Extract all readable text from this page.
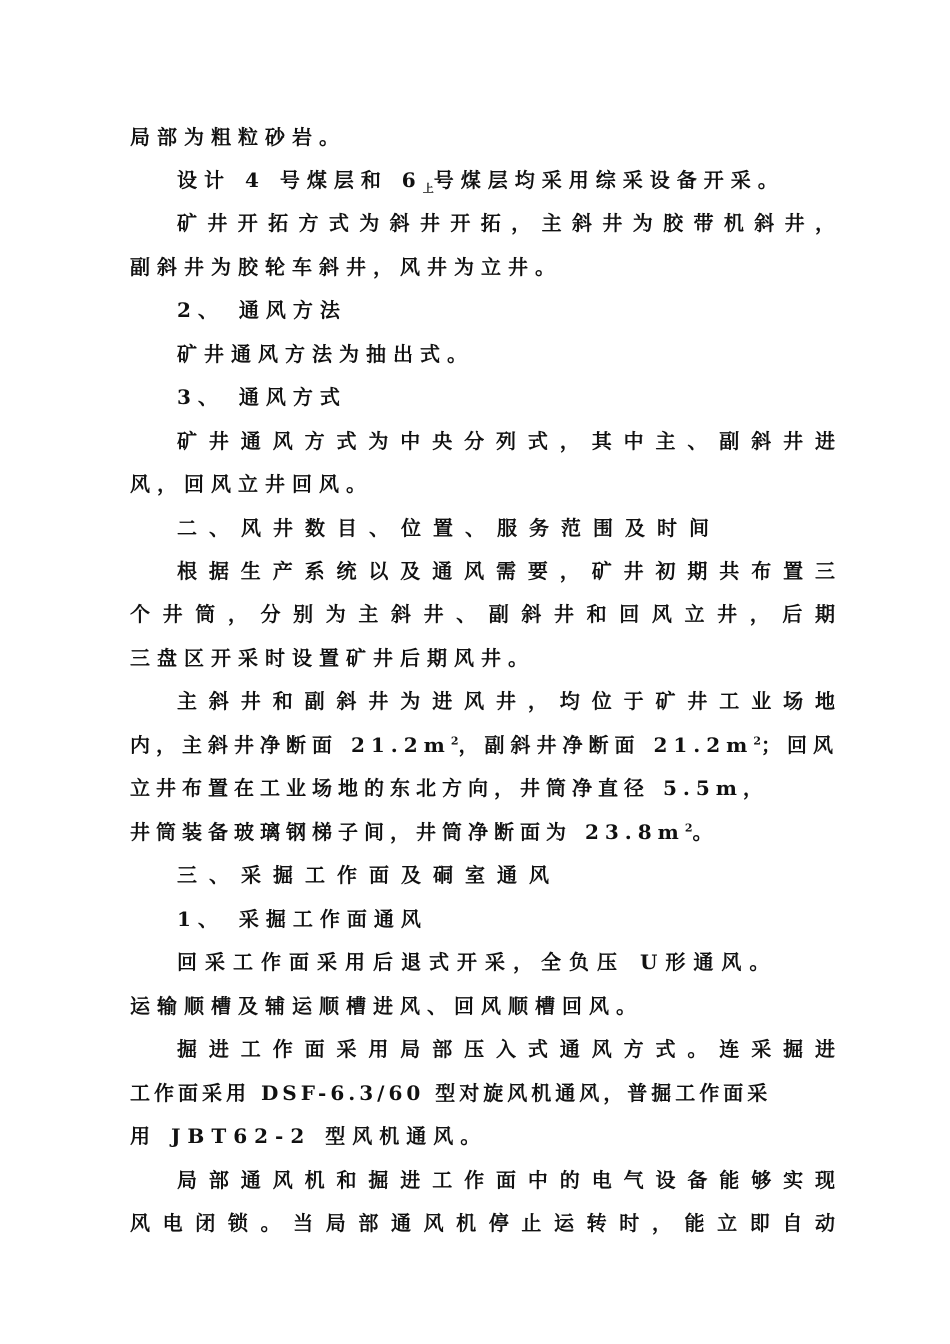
局部为粗粒砂岩。
设计 4 号煤层和 $6_上$号煤层均采用综采设备开采。
矿​ 井​ 开​ 拓​ 方​ 式​ 为​ 斜​ 井​ 开​ 拓​ ，​ 主​ 斜​ 井​ 为​ 胶​ 带​ 机​ 斜​ 井​ ，
副斜井为胶轮车斜井，风井为立井。
2、 通风方法
矿井通风方法为抽出式。
3、 通风方式
矿​ 井​ 通​ 风​ 方​ 式​ 为​ 中​ 央​ 分​ 列​ 式​ ，​ 其​ 中​ 主​ 、​ 副​ 斜​ 井​ 进
风，回风立井回风。
二、风井数目、位置、服务范围及时间
根​ 据​ 生​ 产​ 系​ 统​ 以​ 及​ 通​ 风​ 需​ 要​ ，​ 矿​ 井​ 初​ 期​ 共​ 布​ 置​ 三
个​ 井​ 筒​ ，​ 分​ 别​ 为​ 主​ 斜​ 井​ 、​ 副​ 斜​ 井​ 和​ 回​ 风​ 立​ 井​ ，​ 后​ 期
三盘区开采时设置矿井后期风井。
主​ 斜​ 井​ 和​ 副​ 斜​ 井​ 为​ 进​ 风​ 井​ ，​ 均​ 位​ 于​ 矿​ 井​ 工​ 业​ 场​ 地
内，主斜井净断面 $21.2m^2$，副斜井净断面 $21.2m^2$；回风
立井布置在工业场地的东北方向，井筒净直径 5.5m，
井筒装备玻璃钢梯子间，井筒净断面为 $23.8m^2$。
三、采掘工作面及硐室通风
1、 采掘工作面通风
回采工作面采用后退式开采，全负压 U形通风。
运输顺槽及辅运顺槽进风、回风顺槽回风。
掘​ 进​ 工​ 作​ 面​ 采​ 用​ 局​ 部​ 压​ 入​ 式​ 通​ 风​ 方​ 式​ 。​ 连​ 采​ 掘​ 进
工作面采用 DSF-6.3/60 型对旋风机通风，普掘工作面采
用 JBT62-2 型风机通风。
局​ 部​ 通​ 风​ 机​ 和​ 掘​ 进​ 工​ 作​ 面​ 中​ 的​ 电​ 气​ 设​ 备​ 能​ 够​ 实​ 现
风​ 电​ 闭​ 锁​ 。​ 当​ 局​ 部​ 通​ 风​ 机​ 停​ 止​ 运​ 转​ 时​ ，​ 能​ 立​ 即​ 自​ 动
